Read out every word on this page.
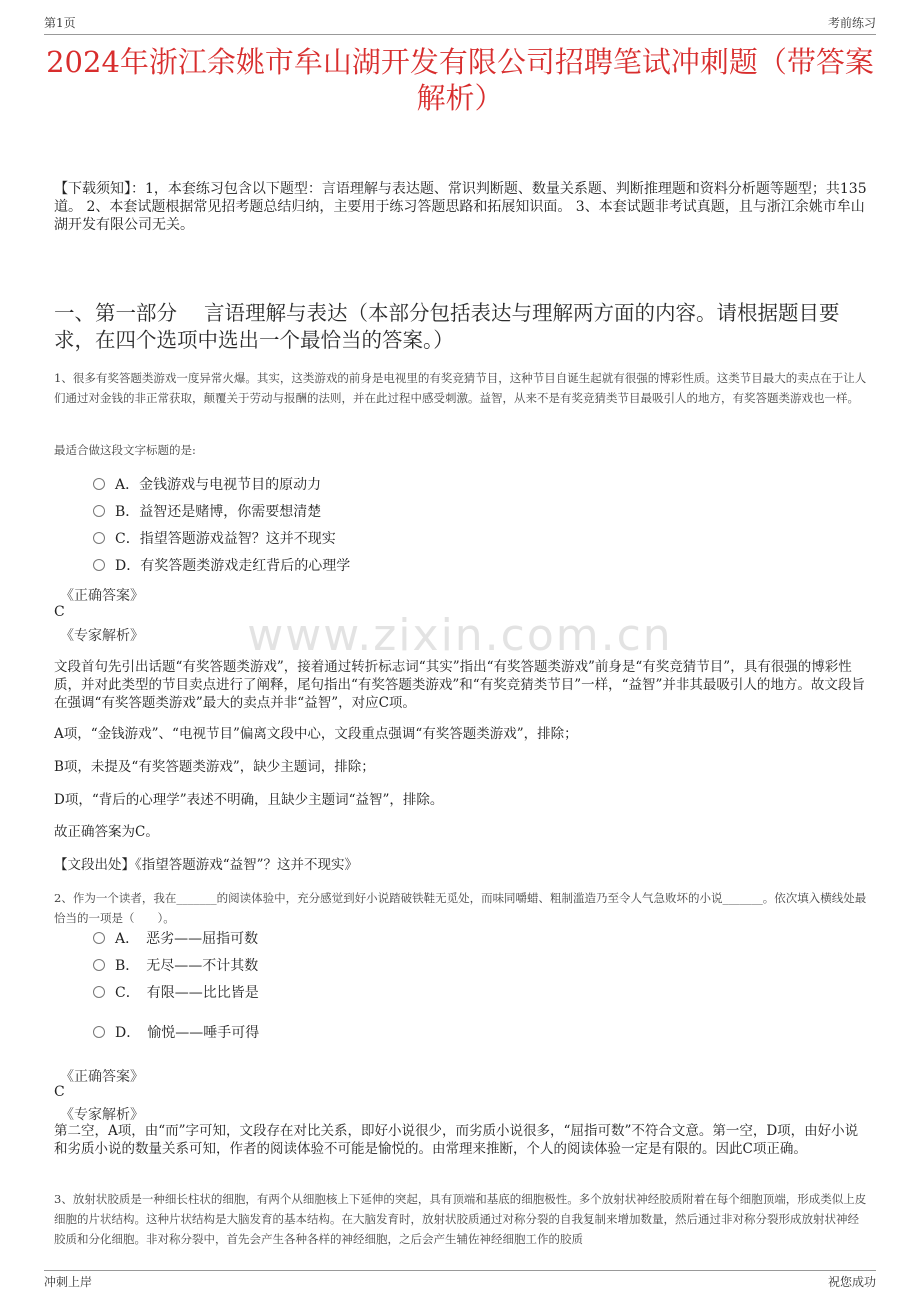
第1页	考前练习
2024年浙江余姚市牟山湖开发有限公司招聘笔试冲刺题（带答案解析）
【下载须知】：1，本套练习包含以下题型：言语理解与表达题、常识判断题、数量关系题、判断推理题和资料分析题等题型；共135道。 2、本套试题根据常见招考题总结归纳，主要用于练习答题思路和拓展知识面。 3、本套试题非考试真题，且与浙江余姚市牟山湖开发有限公司无关。
一、第一部分　 言语理解与表达（本部分包括表达与理解两方面的内容。请根据题目要求，在四个选项中选出一个最恰当的答案。）
www.zixin.com.cn
1、很多有奖答题类游戏一度异常火爆。其实，这类游戏的前身是电视里的有奖竞猜节目，这种节目自诞生起就有很强的博彩性质。这类节目最大的卖点在于让人们通过对金钱的非正常获取，颠覆关于劳动与报酬的法则，并在此过程中感受刺激。益智，从来不是有奖竞猜类节目最吸引人的地方，有奖答题类游戏也一样。
最适合做这段文字标题的是:
A．金钱游戏与电视节目的原动力
B．益智还是赌博，你需要想清楚
C．指望答题游戏益智？这并不现实
D．有奖答题类游戏走红背后的心理学
《正确答案》
C
《专家解析》
文段首句先引出话题“有奖答题类游戏”，接着通过转折标志词“其实”指出“有奖答题类游戏”前身是“有奖竞猜节目”，具有很强的博彩性质，并对此类型的节目卖点进行了阐释，尾句指出“有奖答题类游戏”和“有奖竞猜类节目”一样，“益智”并非其最吸引人的地方。故文段旨在强调“有奖答题类游戏”最大的卖点并非“益智”，对应C项。
A项，“金钱游戏”、“电视节目”偏离文段中心，文段重点强调“有奖答题类游戏”，排除；
B项，未提及“有奖答题类游戏”，缺少主题词，排除；
D项，“背后的心理学”表述不明确，且缺少主题词“益智”，排除。
故正确答案为C。
【文段出处】《指望答题游戏“益智”？这并不现实》
2、作为一个读者，我在_______的阅读体验中，充分感觉到好小说踏破铁鞋无觅处，而味同嚼蜡、粗制滥造乃至令人气急败坏的小说_______。依次填入横线处最恰当的一项是（　　）。
A．　恶劣——屈指可数
B．　无尽——不计其数
C．　有限——比比皆是
D．　愉悦——唾手可得
《正确答案》
C
《专家解析》
第二空，A项，由“而”字可知，文段存在对比关系，即好小说很少，而劣质小说很多，“屈指可数”不符合文意。第一空，D项，由好小说和劣质小说的数量关系可知，作者的阅读体验不可能是愉悦的。由常理来推断，个人的阅读体验一定是有限的。因此C项正确。
3、放射状胶质是一种细长柱状的细胞，有两个从细胞核上下延伸的突起，具有顶端和基底的细胞极性。多个放射状神经胶质附着在每个细胞顶端，形成类似上皮细胞的片状结构。这种片状结构是大脑发育的基本结构。在大脑发育时，放射状胶质通过对称分裂的自我复制来增加数量，然后通过非对称分裂形成放射状神经胶质和分化细胞。非对称分裂中，首先会产生各种各样的神经细胞，之后会产生辅佐神经细胞工作的胶质
冲刺上岸	祝您成功
